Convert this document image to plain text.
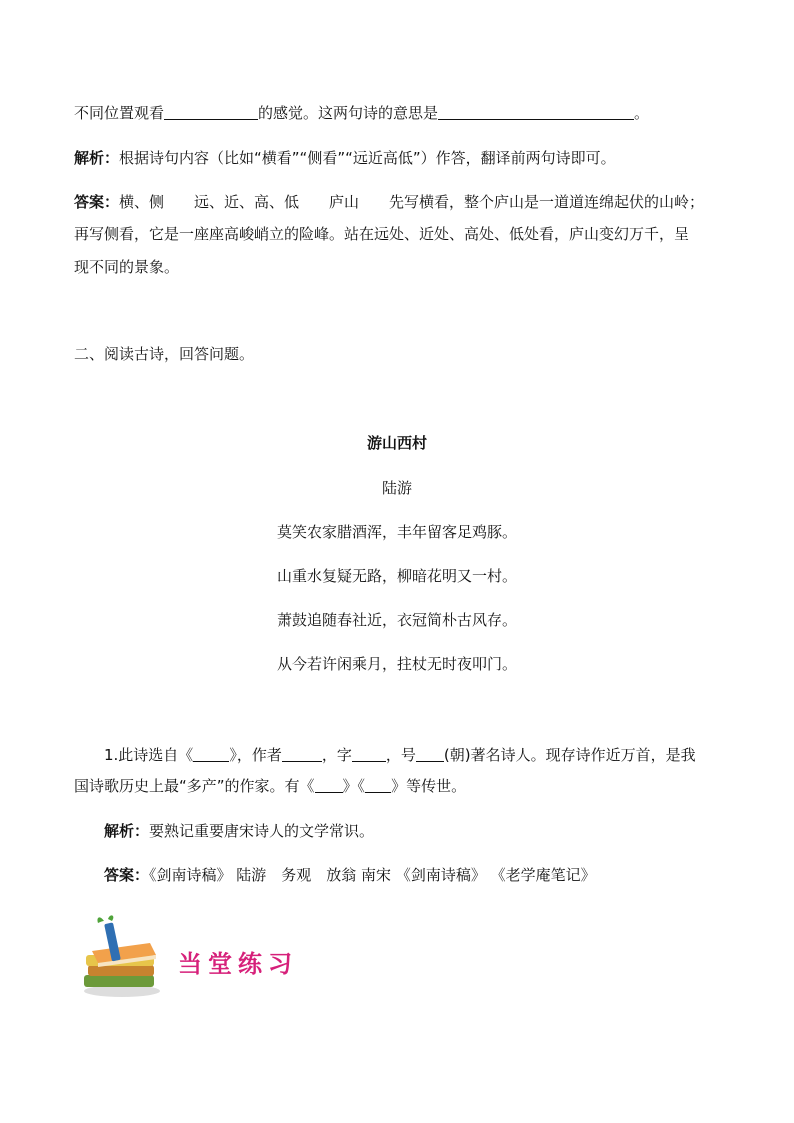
不同位置观看	的感觉。这两句诗的意思是	。
解析：根据诗句内容（比如“横看”“侧看”“远近高低”）作答，翻译前两句诗即可。
答案：横、侧　　远、近、高、低　　庐山　　先写横看，整个庐山是一道道连绵起伏的山岭；
再写侧看，它是一座座高峻峭立的险峰。站在远处、近处、高处、低处看，庐山变幻万千，呈
现不同的景象。
二、阅读古诗，回答问题。
游山西村
陆游
莫笑农家腊酒浑，丰年留客足鸡豚。
山重水复疑无路，柳暗花明又一村。
萧鼓追随春社近，衣冠简朴古风存。
从今若许闲乘月，拄杖无时夜叩门。
1.此诗选自《 》，作者	，字 ，号 (朝)著名诗人。现存诗作近万首，是我
国诗歌历史上最“多产”的作家。有《 》《 》等传世。
解析：要熟记重要唐宋诗人的文学常识。
答案：《剑南诗稿》 陆游　务观　放翁 南宋 《剑南诗稿》 《老学庵笔记》
当堂练习
